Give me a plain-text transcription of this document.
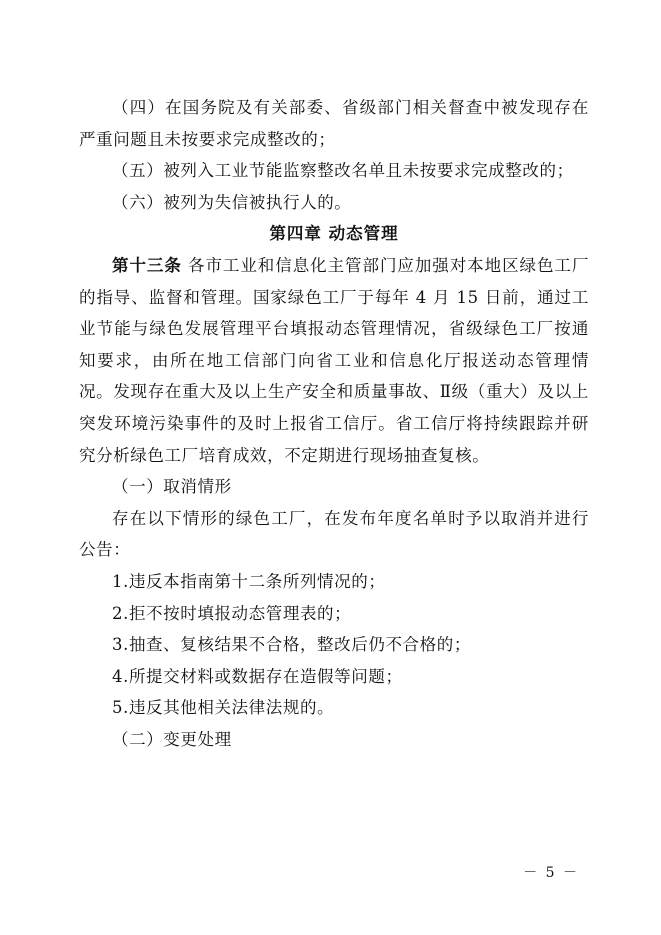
（四）在国务院及有关部委、省级部门相关督查中被发现存在严重问题且未按要求完成整改的；

（五）被列入工业节能监察整改名单且未按要求完成整改的；

（六）被列为失信被执行人的。

第四章 动态管理

第十三条 各市工业和信息化主管部门应加强对本地区绿色工厂的指导、监督和管理。国家绿色工厂于每年 4 月 15 日前，通过工业节能与绿色发展管理平台填报动态管理情况，省级绿色工厂按通知要求，由所在地工信部门向省工业和信息化厅报送动态管理情况。发现存在重大及以上生产安全和质量事故、Ⅱ级（重大）及以上突发环境污染事件的及时上报省工信厅。省工信厅将持续跟踪并研究分析绿色工厂培育成效，不定期进行现场抽查复核。

（一）取消情形

存在以下情形的绿色工厂，在发布年度名单时予以取消并进行公告：

1.违反本指南第十二条所列情况的；

2.拒不按时填报动态管理表的；

3.抽查、复核结果不合格，整改后仍不合格的；

4.所提交材料或数据存在造假等问题；

5.违反其他相关法律法规的。

（二）变更处理

－ 5 －
